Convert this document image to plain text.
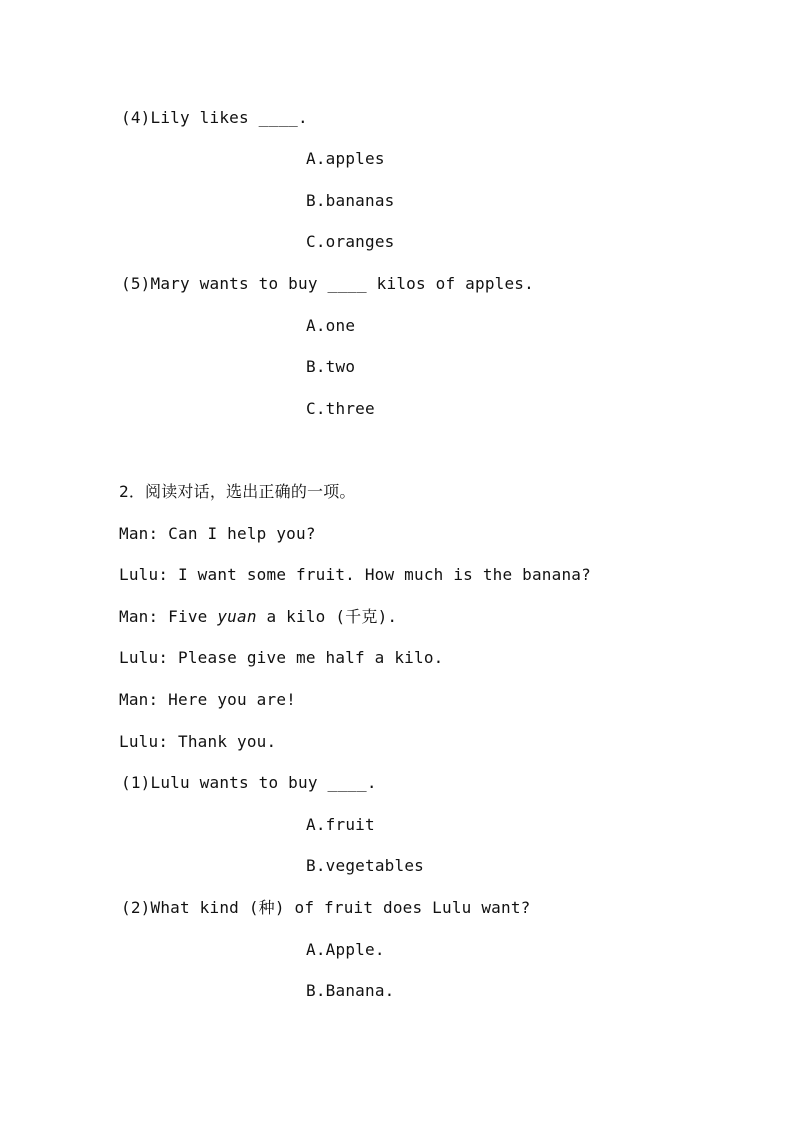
(4)Lily likes ____.
A.apples
B.bananas
C.oranges
(5)Mary wants to buy ____ kilos of apples.
A.one
B.two
C.three
2．阅读对话，选出正确的一项。
Man: Can I help you?
Lulu: I want some fruit. How much is the banana?
Man: Five yuan a kilo (千克).
Lulu: Please give me half a kilo.
Man: Here you are!
Lulu: Thank you.
(1)Lulu wants to buy ____.
A.fruit
B.vegetables
(2)What kind (种) of fruit does Lulu want?
A.Apple.
B.Banana.
